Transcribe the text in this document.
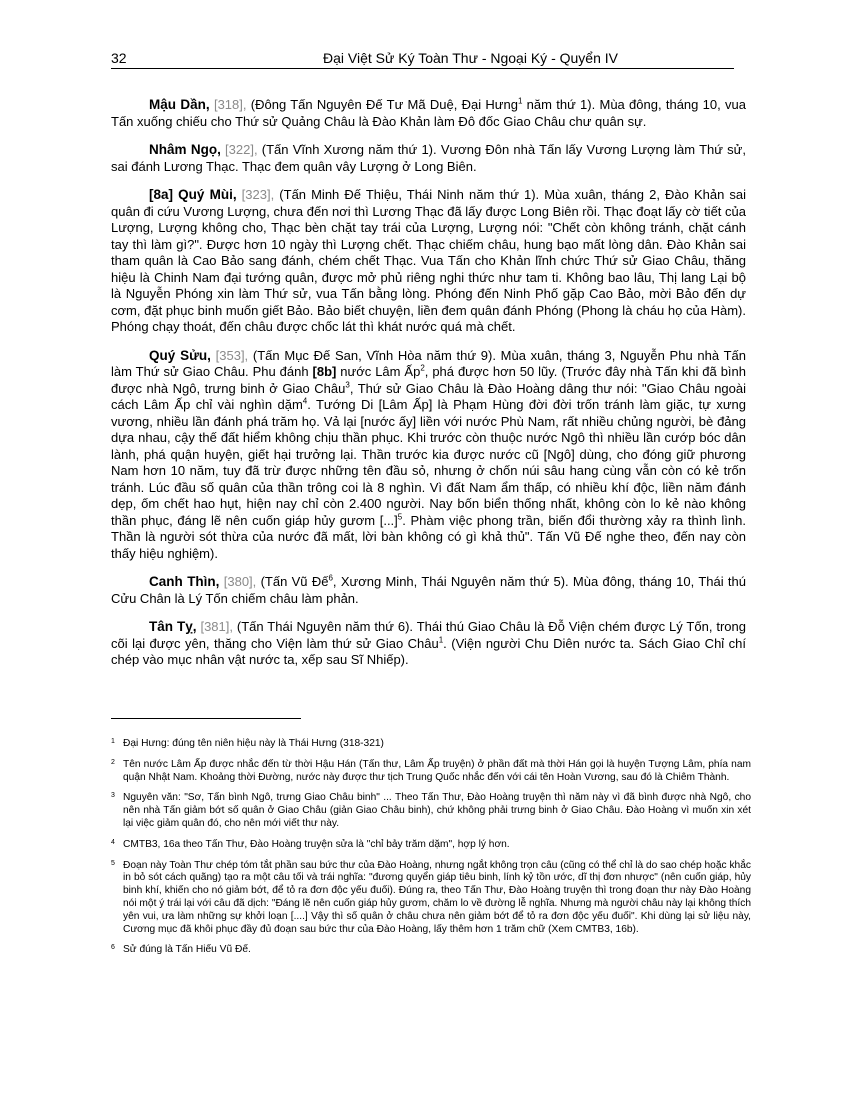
32	Đại Việt Sử Ký Toàn Thư - Ngoại Ký - Quyển IV

Mậu Dần, [318], (Đông Tấn Nguyên Đế Tư Mã Duệ, Đại Hưng$^1$ năm thứ 1). Mùa đông, tháng 10, vua Tấn xuống chiếu cho Thứ sử Quảng Châu là Đào Khản làm Đô đốc Giao Châu chư quân sự.

Nhâm Ngọ, [322], (Tấn Vĩnh Xương năm thứ 1). Vương Đôn nhà Tấn lấy Vương Lượng làm Thứ sử, sai đánh Lương Thạc. Thạc đem quân vây Lượng ở Long Biên.

[8a] Quý Mùi, [323], (Tấn Minh Đế Thiệu, Thái Ninh năm thứ 1). Mùa xuân, tháng 2, Đào Khản sai quân đi cứu Vương Lượng, chưa đến nơi thì Lương Thạc đã lấy được Long Biên rồi. Thạc đoạt lấy cờ tiết của Lượng, Lượng không cho, Thạc bèn chặt tay trái của Lượng, Lượng nói: "Chết còn không tránh, chặt cánh tay thì làm gì?". Được hơn 10 ngày thì Lượng chết. Thạc chiếm châu, hung bạo mất lòng dân. Đào Khản sai tham quân là Cao Bảo sang đánh, chém chết Thạc. Vua Tấn cho Khản lĩnh chức Thứ sử Giao Châu, thăng hiệu là Chinh Nam đại tướng quân, được mở phủ riêng nghi thức như tam ti. Không bao lâu, Thị lang Lại bộ là Nguyễn Phóng xin làm Thứ sử, vua Tấn bằng lòng. Phóng đến Ninh Phố gặp Cao Bảo, mời Bảo đến dự cơm, đặt phục binh muốn giết Bảo. Bảo biết chuyện, liền đem quân đánh Phóng (Phong là cháu họ của Hàm). Phóng chạy thoát, đến châu được chốc lát thì khát nước quá mà chết.

Quý Sửu, [353], (Tấn Mục Đế San, Vĩnh Hòa năm thứ 9). Mùa xuân, tháng 3, Nguyễn Phu nhà Tấn làm Thứ sử Giao Châu. Phu đánh [8b] nước Lâm Ấp$^2$, phá được hơn 50 lũy. (Trước đây nhà Tấn khi đã bình được nhà Ngô, trưng binh ở Giao Châu$^3$, Thứ sử Giao Châu là Đào Hoàng dâng thư nói: "Giao Châu ngoài cách Lâm Ấp chỉ vài nghìn dặm$^4$. Tướng Di [Lâm Ấp] là Phạm Hùng đời đời trốn tránh làm giặc, tự xưng vương, nhiều lần đánh phá trăm họ. Vả lại [nước ấy] liền với nước Phù Nam, rất nhiều chủng người, bè đảng dựa nhau, cậy thế đất hiểm không chịu thần phục. Khi trước còn thuộc nước Ngô thì nhiều lần cướp bóc dân lành, phá quận huyện, giết hại trưởng lại. Thần trước kia được nước cũ [Ngô] dùng, cho đóng giữ phương Nam hơn 10 năm, tuy đã trừ được những tên đầu sỏ, nhưng ở chốn núi sâu hang cùng vẫn còn có kẻ trốn tránh. Lúc đầu số quân của thần trông coi là 8 nghìn. Vì đất Nam ẩm thấp, có nhiều khí độc, liền năm đánh dẹp, ốm chết hao hụt, hiện nay chỉ còn 2.400 người. Nay bốn biển thống nhất, không còn lo kẻ nào không thần phục, đáng lẽ nên cuốn giáp hủy gươm [...]$^5$. Phàm việc phong trần, biến đổi thường xảy ra thình lình. Thần là người sót thừa của nước đã mất, lời bàn không có gì khả thủ". Tấn Vũ Đế nghe theo, đến nay còn thấy hiệu nghiệm).

Canh Thìn, [380], (Tấn Vũ Đế$^6$, Xương Minh, Thái Nguyên năm thứ 5). Mùa đông, tháng 10, Thái thú Cửu Chân là Lý Tốn chiếm châu làm phản.

Tân Tỵ, [381], (Tấn Thái Nguyên năm thứ 6). Thái thú Giao Châu là Đỗ Viện chém được Lý Tốn, trong cõi lại được yên, thăng cho Viện làm thứ sử Giao Châu$^1$. (Viện người Chu Diên nước ta. Sách Giao Chỉ chí chép vào mục nhân vật nước ta, xếp sau Sĩ Nhiếp).

1 Đại Hưng: đúng tên niên hiệu này là Thái Hưng (318-321)

2 Tên nước Lâm Ấp được nhắc đến từ thời Hậu Hán (Tấn thư, Lâm Ấp truyện) ở phần đất mà thời Hán gọi là huyện Tượng Lâm, phía nam quận Nhật Nam. Khoảng thời Đường, nước này được thư tịch Trung Quốc nhắc đến với cái tên Hoàn Vương, sau đó là Chiêm Thành.

3 Nguyên văn: "Sơ, Tấn bình Ngô, trưng Giao Châu binh" ... Theo Tấn Thư, Đào Hoàng truyện thì năm này vì đã bình được nhà Ngô, cho nên nhà Tấn giảm bớt số quân ở Giao Châu (giản Giao Châu binh), chứ không phải trưng binh ở Giao Châu. Đào Hoàng vì muốn xin xét lại việc giảm quân đó, cho nên mới viết thư này.

4 CMTB3, 16a theo Tấn Thư, Đào Hoàng truyện sửa là "chỉ bảy trăm dặm", hợp lý hơn.

5 Đoạn này Toàn Thư chép tóm tắt phần sau bức thư của Đào Hoàng, nhưng ngắt không trọn câu (cũng có thể chỉ là do sao chép hoặc khắc in bỏ sót cách quãng) tạo ra một câu tối và trái nghĩa: "đương quyển giáp tiêu binh, lính kỷ tồn ước, dĩ thị đơn nhược" (nên cuốn giáp, hủy binh khí, khiến cho nó giảm bớt, để tỏ ra đơn độc yếu đuối). Đúng ra, theo Tấn Thư, Đào Hoàng truyện thì trong đoạn thư này Đào Hoàng nói một ý trái lại với câu đã dịch: "Đáng lẽ nên cuốn giáp hủy gươm, chăm lo về đường lễ nghĩa. Nhưng mà người châu này lại không thích yên vui, ưa làm những sự khởi loạn [....] Vậy thì số quân ở châu chưa nên giảm bớt để tỏ ra đơn độc yếu đuối". Khi dùng lại sử liệu này, Cương mục đã khôi phục đầy đủ đoạn sau bức thư của Đào Hoàng, lấy thêm hơn 1 trăm chữ (Xem CMTB3, 16b).

6 Sử đúng là Tấn Hiếu Vũ Đế.
